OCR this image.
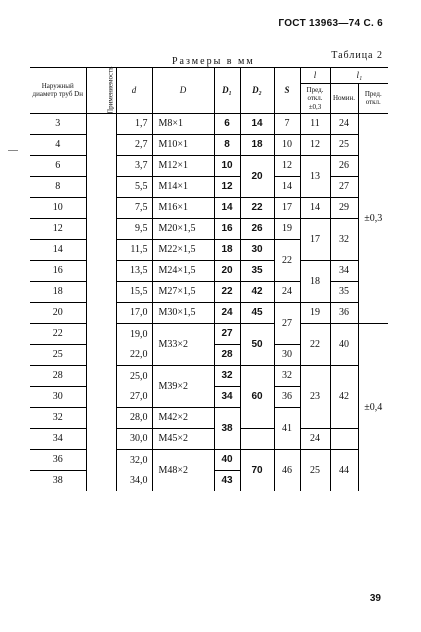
ГОСТ 13963—74 С. 6
Размеры в мм
Таблица 2
Наружный диаметр труб Dн	Применяемость	d	D	D₁	D₂	S	l	l₁	
							Пред. откл. ±0,3	Номин.	Пред. откл.
3		1,7	M8×1	6	14	7	11	24	±0,3
4		2,7	M10×1	8	18	10	12	25	
6		3,7	M12×1	10	20	12	13	26	
8		5,5	M14×1	12		14		27	
10		7,5	M16×1	14	22	17	14	29	
12		9,5	M20×1,5	16	26	19	17	32	
14		11,5	M22×1,5	18	30	22			
16		13,5	M24×1,5	20	35		18	34	
18		15,5	M27×1,5	22	42	24		35	
20		17,0	M30×1,5	24	45	27	19	36	
22		19,0	M33×2	27	50		22	40	±0,4
25		22,0		28		30			
28		25,0	M39×2	32	60	32	23	42	
30		27,0		34		36			
32		28,0	M42×2	38		41			
34		30,0	M45×2				24		
36		32,0	M48×2	40	70	46	25	44	
38		34,0		43					
39
